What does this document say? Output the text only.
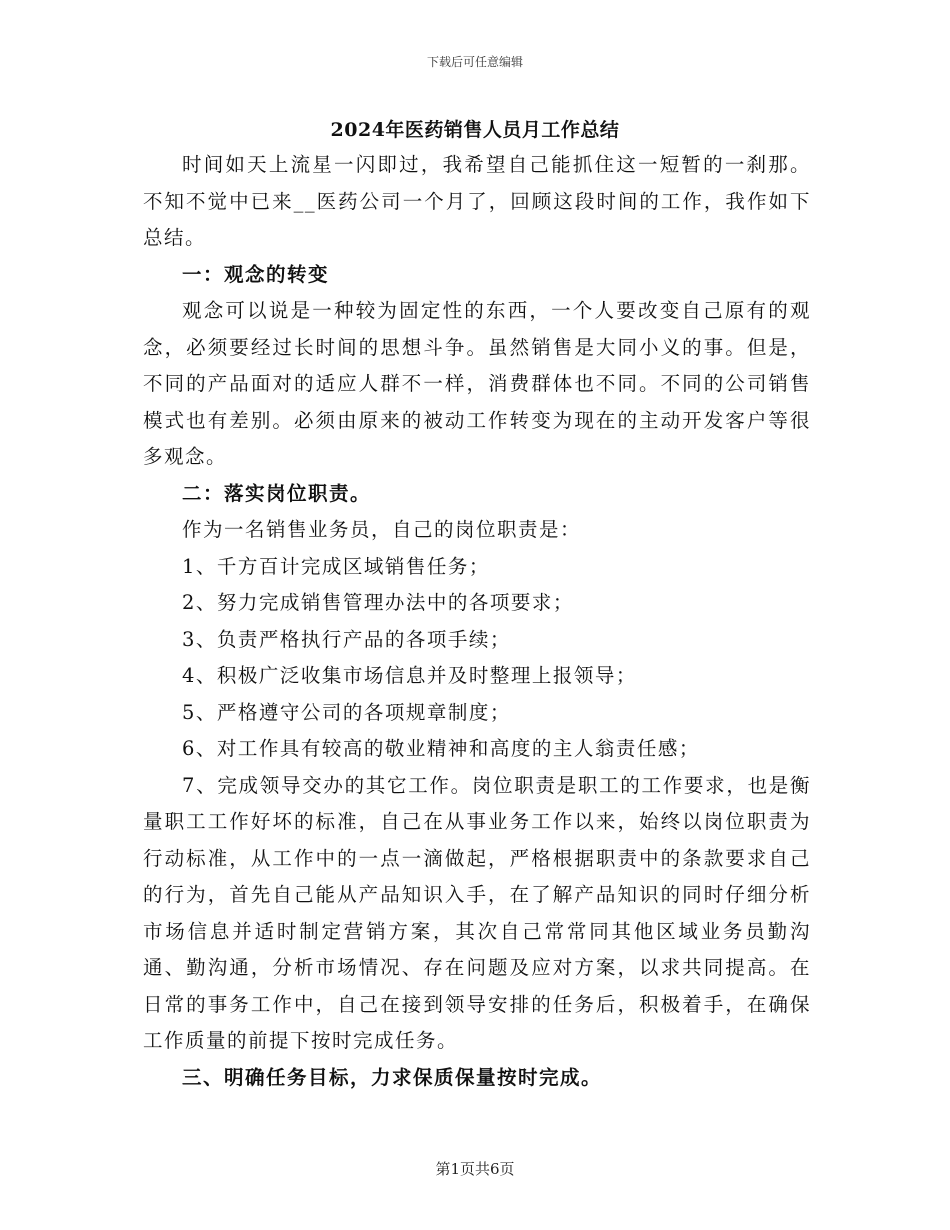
下载后可任意编辑
2024年医药销售人员月工作总结

时间如天上流星一闪即过，我希望自己能抓住这一短暂的一刹那。不知不觉中已来__医药公司一个月了，回顾这段时间的工作，我作如下总结。

一：观念的转变

观念可以说是一种较为固定性的东西，一个人要改变自己原有的观念，必须要经过长时间的思想斗争。虽然销售是大同小义的事。但是，不同的产品面对的适应人群不一样，消费群体也不同。不同的公司销售模式也有差别。必须由原来的被动工作转变为现在的主动开发客户等很多观念。

二：落实岗位职责。

作为一名销售业务员，自己的岗位职责是：

1、千方百计完成区域销售任务；

2、努力完成销售管理办法中的各项要求；

3、负责严格执行产品的各项手续；

4、积极广泛收集市场信息并及时整理上报领导；

5、严格遵守公司的各项规章制度；

6、对工作具有较高的敬业精神和高度的主人翁责任感；

7、完成领导交办的其它工作。岗位职责是职工的工作要求，也是衡量职工工作好坏的标准，自己在从事业务工作以来，始终以岗位职责为行动标准，从工作中的一点一滴做起，严格根据职责中的条款要求自己的行为，首先自己能从产品知识入手，在了解产品知识的同时仔细分析市场信息并适时制定营销方案，其次自己常常同其他区域业务员勤沟通、勤沟通，分析市场情况、存在问题及应对方案，以求共同提高。在日常的事务工作中，自己在接到领导安排的任务后，积极着手，在确保工作质量的前提下按时完成任务。

三、明确任务目标，力求保质保量按时完成。

第1页共6页
